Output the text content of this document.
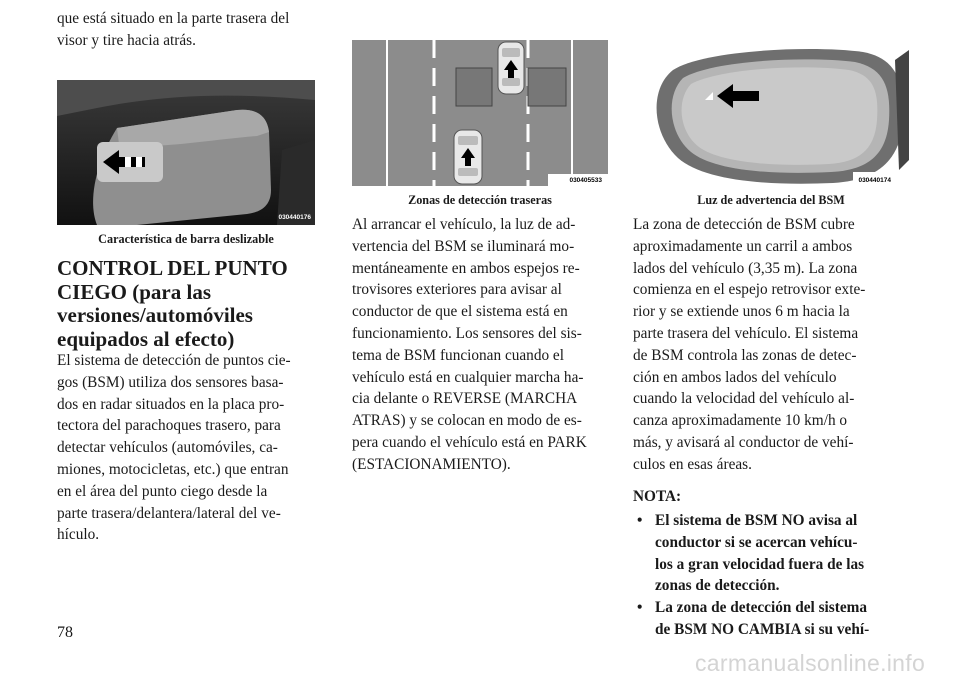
que está situado en la parte trasera del
visor y tire hacia atrás.

030440176
Característica de barra deslizable
CONTROL DEL PUNTO
CIEGO (para las
versiones/automóviles
equipados al efecto)

El sistema de detección de puntos cie-
gos (BSM) utiliza dos sensores basa-
dos en radar situados en la placa pro-
tectora del parachoques trasero, para
detectar vehículos (automóviles, ca-
miones, motocicletas, etc.) que entran
en el área del punto ciego desde la
parte trasera/delantera/lateral del ve-
hículo.

030405533
Zonas de detección traseras

Al arrancar el vehículo, la luz de ad-
vertencia del BSM se iluminará mo-
mentáneamente en ambos espejos re-
trovisores exteriores para avisar al
conductor de que el sistema está en
funcionamiento. Los sensores del sis-
tema de BSM funcionan cuando el
vehículo está en cualquier marcha ha-
cia delante o REVERSE (MARCHA
ATRAS) y se colocan en modo de es-
pera cuando el vehículo está en PARK
(ESTACIONAMIENTO).

030440174
Luz de advertencia del BSM

La zona de detección de BSM cubre
aproximadamente un carril a ambos
lados del vehículo (3,35 m). La zona
comienza en el espejo retrovisor exte-
rior y se extiende unos 6 m hacia la
parte trasera del vehículo. El sistema
de BSM controla las zonas de detec-
ción en ambos lados del vehículo
cuando la velocidad del vehículo al-
canza aproximadamente 10 km/h o
más, y avisará al conductor de vehí-
culos en esas áreas.

NOTA:

• El sistema de BSM NO avisa al
conductor si se acercan vehícu-
los a gran velocidad fuera de las
zonas de detección.

• La zona de detección del sistema
de BSM NO CAMBIA si su vehí-

78
carmanualsonline.info
